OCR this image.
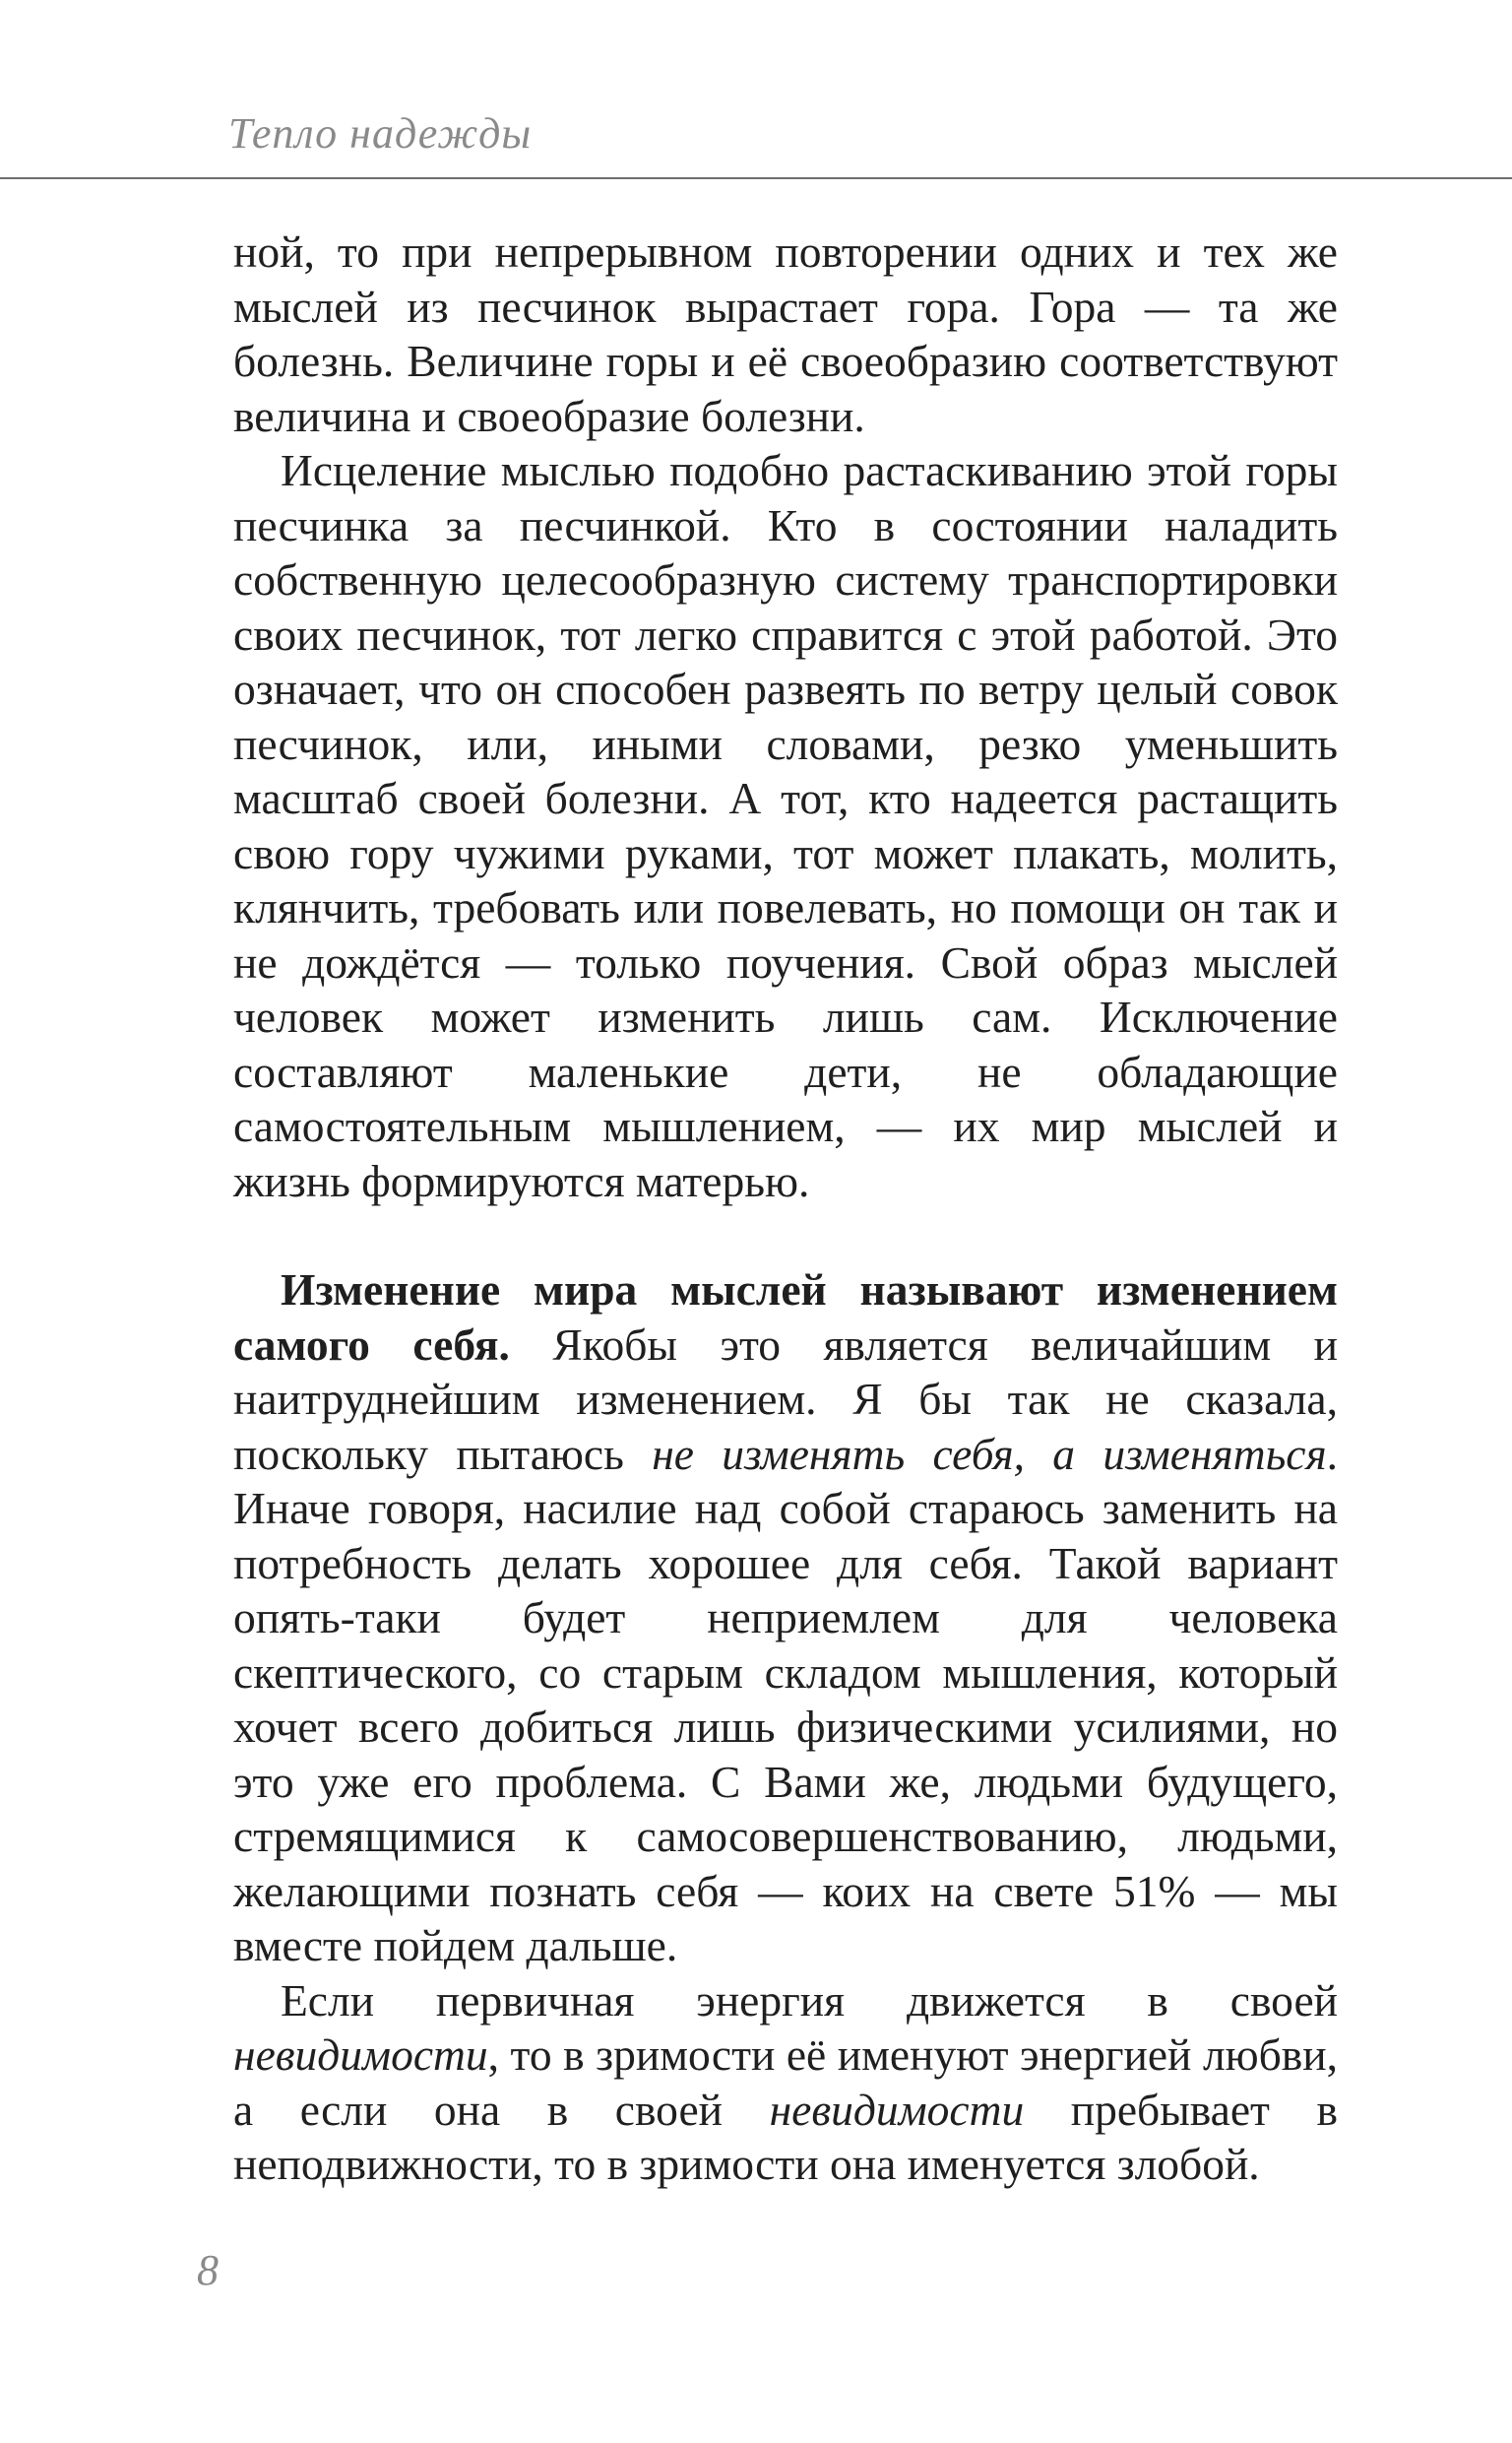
Тепло надежды

ной, то при непрерывном повторении одних и тех же мыслей из песчинок вырастает гора. Гора — та же болезнь. Величине горы и её своеобразию соответствуют величина и своеобразие болезни.

Исцеление мыслью подобно растаскиванию этой горы песчинка за песчинкой. Кто в состоянии наладить собственную целесообразную систему транспортировки своих песчинок, тот легко справится с этой работой. Это означает, что он способен развеять по ветру целый совок песчинок, или, иными словами, резко уменьшить масштаб своей болезни. А тот, кто надеется растащить свою гору чужими руками, тот может плакать, молить, клянчить, требовать или повелевать, но помощи он так и не дождётся — только поучения. Свой образ мыслей человек может изменить лишь сам. Исключение составляют маленькие дети, не обладающие самостоятельным мышлением, — их мир мыслей и жизнь формируются матерью.

Изменение мира мыслей называют изменением самого себя. Якобы это является величайшим и наитруднейшим изменением. Я бы так не сказала, поскольку пытаюсь не изменять себя, а изменяться. Иначе говоря, насилие над собой стараюсь заменить на потребность делать хорошее для себя. Такой вариант опять-таки будет неприемлем для человека скептического, со старым складом мышления, который хочет всего добиться лишь физическими усилиями, но это уже его проблема. С Вами же, людьми будущего, стремящимися к самосовершенствованию, людьми, желающими познать себя — коих на свете 51% — мы вместе пойдем дальше.

Если первичная энергия движется в своей невидимости, то в зримости её именуют энергией любви, а если она в своей невидимости пребывает в неподвижности, то в зримости она именуется злобой.

8
